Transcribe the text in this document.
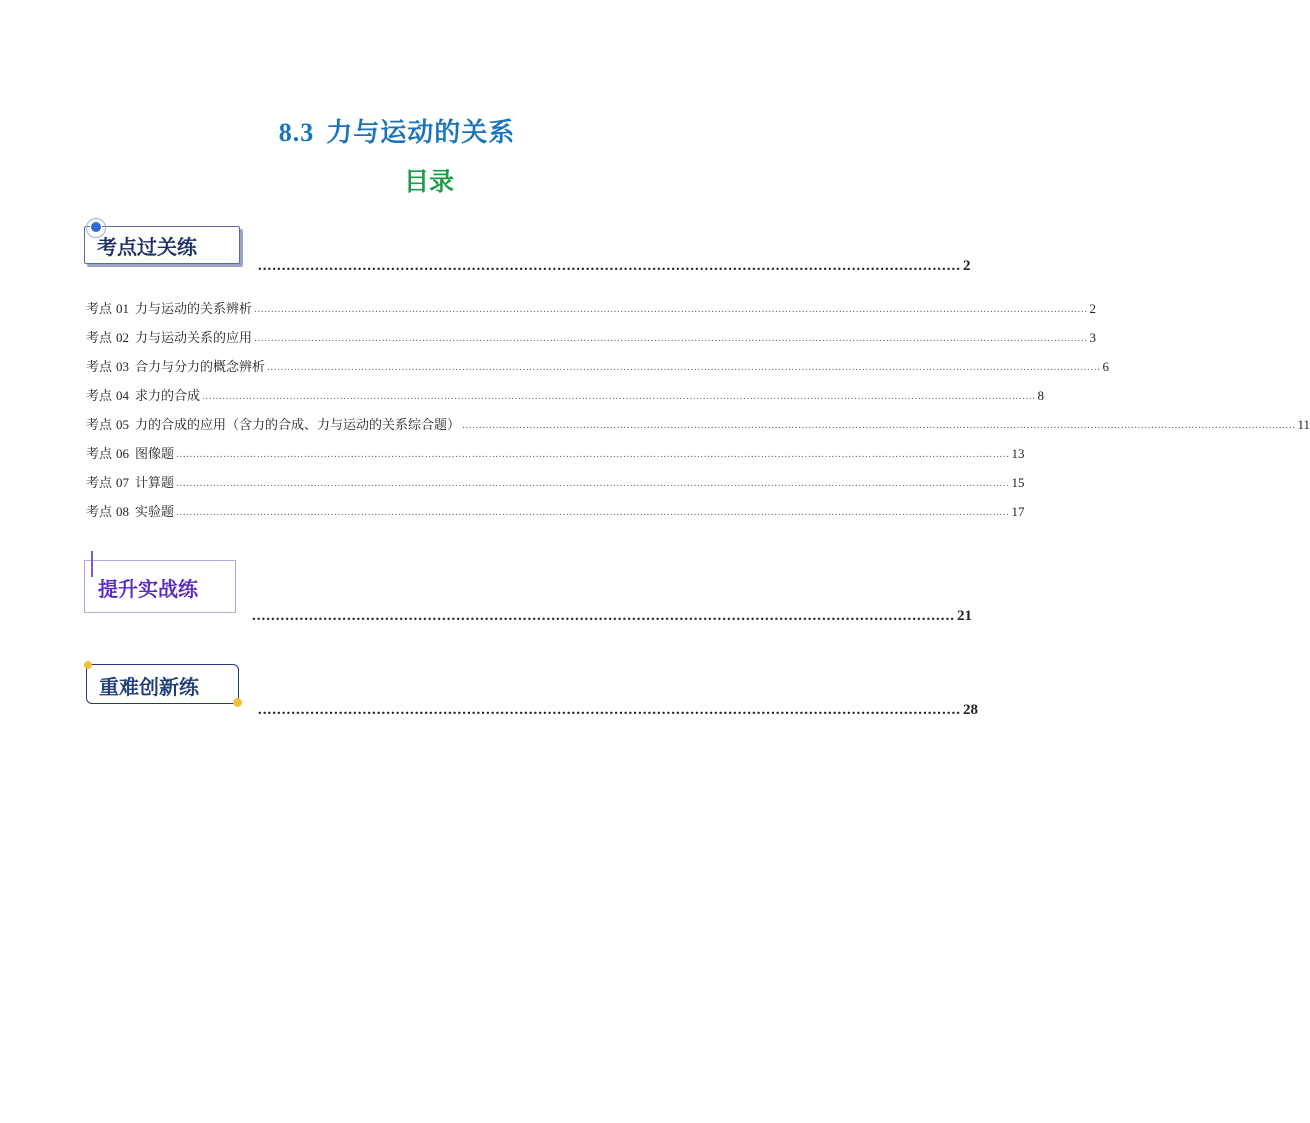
8.3 力与运动的关系
目录
考点过关练
.................................................................................................................................................... 2
考点 01 力与运动的关系辨析 ........................................................................................................................................................................................................................................................ 2
考点 02 力与运动关系的应用 ........................................................................................................................................................................................................................................................ 3
考点 03 合力与分力的概念辨析 ........................................................................................................................................................................................................................................................ 6
考点 04 求力的合成 ........................................................................................................................................................................................................................................................ 8
考点 05 力的合成的应用（含力的合成、力与运动的关系综合题） ........................................................................................................................................................................................................................................................ 11
考点 06 图像题 ........................................................................................................................................................................................................................................................ 13
考点 07 计算题 ........................................................................................................................................................................................................................................................ 15
考点 08 实验题 ........................................................................................................................................................................................................................................................ 17
提升实战练
.................................................................................................................................................... 21
重难创新练
.................................................................................................................................................... 28
